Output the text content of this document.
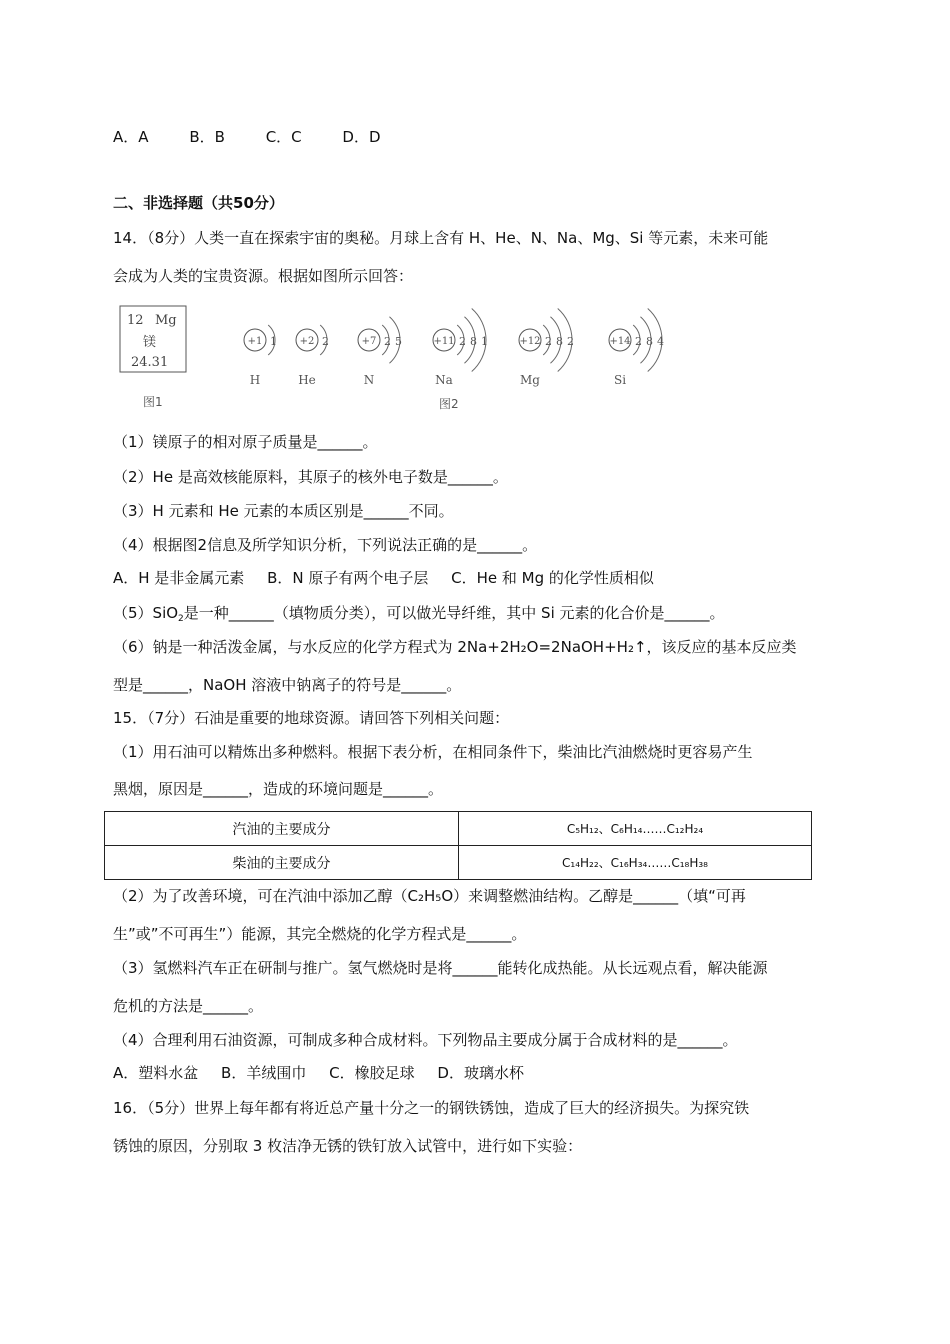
A．A	B．B	C．C	D．D
二、非选择题（共50分）
14．（8分）人类一直在探索宇宙的奥秘。月球上含有 H、He、N、Na、Mg、Si 等元素，未来可能
会成为人类的宝贵资源。根据如图所示回答：
12 Mg
镁
24.31
图1
+1 1
H
+2 2
He
+7 2 5
N
+11 2 8 1
Na
+12 2 8 2
Mg
+14 2 8 4
Si
图2
（1）镁原子的相对原子质量是______。
（2）He 是高效核能原料，其原子的核外电子数是______。
（3）H 元素和 He 元素的本质区别是______不同。
（4）根据图2信息及所学知识分析，下列说法正确的是______。
A．H 是非金属元素 B．N 原子有两个电子层 C．He 和 Mg 的化学性质相似
（5）SiO$_2$是一种______（填物质分类），可以做光导纤维，其中 Si 元素的化合价是______。
（6）钠是一种活泼金属，与水反应的化学方程式为 2Na+2H₂O=2NaOH+H₂↑，该反应的基本反应类
型是______，NaOH 溶液中钠离子的符号是______。
15．（7分）石油是重要的地球资源。请回答下列相关问题：
（1）用石油可以精炼出多种燃料。根据下表分析，在相同条件下，柴油比汽油燃烧时更容易产生
黑烟，原因是______，造成的环境问题是______。
汽油的主要成分	C₅H₁₂、C₆H₁₄……C₁₂H₂₄
柴油的主要成分	C₁₄H₂₂、C₁₆H₃₄……C₁₈H₃₈
（2）为了改善环境，可在汽油中添加乙醇（C₂H₅O）来调整燃油结构。乙醇是______（填“可再
生”或”不可再生”）能源，其完全燃烧的化学方程式是______。
（3）氢燃料汽车正在研制与推广。氢气燃烧时是将______能转化成热能。从长远观点看，解决能源
危机的方法是______。
（4）合理利用石油资源，可制成多种合成材料。下列物品主要成分属于合成材料的是______。
A．塑料水盆 B．羊绒围巾 C．橡胶足球 D．玻璃水杯
16．（5分）世界上每年都有将近总产量十分之一的钢铁锈蚀，造成了巨大的经济损失。为探究铁
锈蚀的原因，分别取 3 枚洁净无锈的铁钉放入试管中，进行如下实验：
